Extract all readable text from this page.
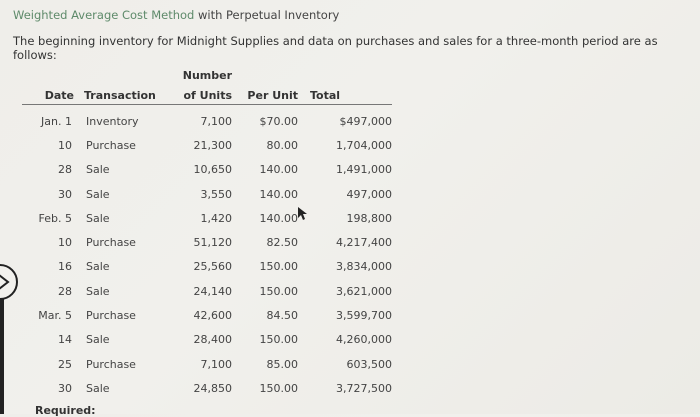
Weighted Average Cost Method with Perpetual Inventory
The beginning inventory for Midnight Supplies and data on purchases and sales for a three-month period are as follows:
		Number		
Date	Transaction	of Units	Per Unit	Total
Jan. 1	Inventory	7,100	$70.00	$497,000
10	Purchase	21,300	80.00	1,704,000
28	Sale	10,650	140.00	1,491,000
30	Sale	3,550	140.00	497,000
Feb. 5	Sale	1,420	140.00	198,800
10	Purchase	51,120	82.50	4,217,400
16	Sale	25,560	150.00	3,834,000
28	Sale	24,140	150.00	3,621,000
Mar. 5	Purchase	42,600	84.50	3,599,700
14	Sale	28,400	150.00	4,260,000
25	Purchase	7,100	85.00	603,500
30	Sale	24,850	150.00	3,727,500
Required:
